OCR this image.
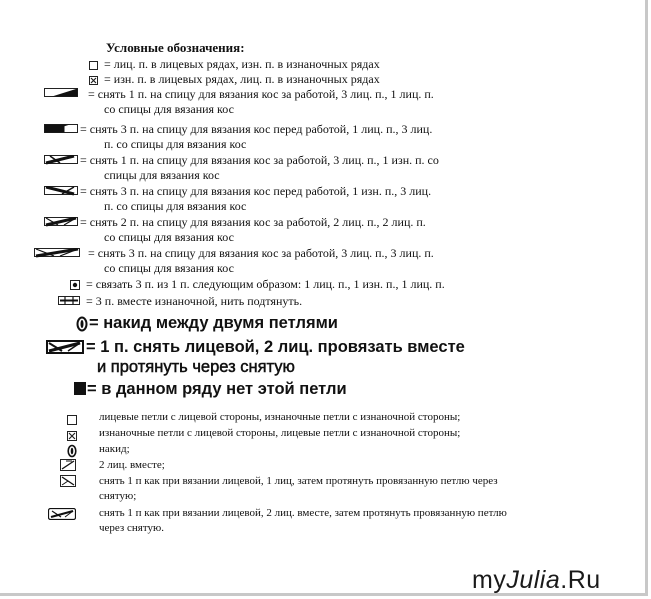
Условные обозначения:
= лиц. п. в лицевых рядах, изн. п. в изнаночных рядах
= изн. п. в лицевых рядах, лиц. п. в изнаночных рядах
= снять 1 п. на спицу для вязания кос за работой, 3 лиц. п., 1 лиц. п.
со спицы для вязания кос
= снять 3 п. на спицу для вязания кос перед работой, 1 лиц. п., 3 лиц.
п. со спицы для вязания кос
= снять 1 п. на спицу для вязания кос за работой, 3 лиц. п., 1 изн. п. со
спицы для вязания кос
= снять 3 п. на спицу для вязания кос перед работой, 1 изн. п., 3 лиц.
п. со спицы для вязания кос
= снять 2 п. на спицу для вязания кос за работой, 2 лиц. п., 2 лиц. п.
со спицы для вязания кос
= снять 3 п. на спицу для вязания кос за работой, 3 лиц. п., 3 лиц. п.
со спицы для вязания кос
= связать 3 п. из 1 п. следующим образом: 1 лиц. п., 1 изн. п., 1 лиц. п.
= 3 п. вместе изнаночной, нить подтянуть.
= накид между двумя петлями
= 1 п. снять лицевой, 2 лиц. провязать вместе
и протянуть через снятую
= в данном ряду нет этой петли
лицевые петли с лицевой стороны, изнаночные петли с изнаночной стороны;
изнаночные петли с лицевой стороны, лицевые петли с изнаночной стороны;
накид;
2 лиц. вместе;
снять 1 п как при вязании лицевой, 1 лиц, затем протянуть провязанную петлю через
снятую;
снять 1 п как при вязании лицевой, 2 лиц. вместе, затем протянуть провязанную петлю
через снятую.
myJulia.Ru
